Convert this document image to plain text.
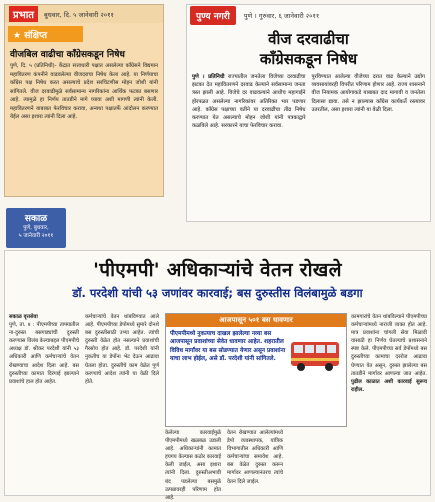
प्रभात	बुधवार, दि. ५ जानेवारी २०११
★ संक्षिप्त
वीजबिल वाढीचा काँग्रेसकडून निषेध
पुणे, दि. ५ (प्रतिनिधी)- केंद्रात सत्ताधारी पक्षात असलेल्या काँग्रेसने विद्यमान महावितरण कंपनीने वाढवलेल्या वीजदराचा निषेध केला आहे. या निर्णयाचा काँग्रेस पक्ष निषेध करत असल्याचे प्रदेश सरचिटणीस मोहन जोशी यांनी सांगितले. वीज दरवाढीमुळे सर्वसामान्य नागरिकांना आर्थिक फटका बसणार आहे. त्यामुळे हा निर्णय तातडीने मागे घ्यावा अशी मागणी त्यांनी केली. महावितरणने याबाबत फेरविचार करावा, अन्यथा पक्षातर्फे आंदोलन करण्यात येईल असा इशारा त्यांनी दिला आहे.
पुण्य नगरी	पुणे । गुरुवार, ६ जानेवारी २०११
वीज दरवाढीचा
काँग्रेसकडून निषेध
पुणे । प्रतिनिधी राज्यातील जनतेला विजेच्या दरवाढीचा झटका देत महावितरणने दरवाढ केल्याने सर्वसामान्य जनता त्रस्त झाली आहे. विजेचे दर वाढवल्याने आधीच महागाईने होरपळत असलेल्या नागरिकांवर अतिरिक्त भार पडणार आहे. काँग्रेस पक्षाच्या वतीने या दरवाढीचा तीव्र निषेध करण्यात येत असल्याचे मोहन जोशी यांनी पत्रकाद्वारे कळविले आहे. सरकारने याचा फेरविचार करावा.
पुरविण्यात आलेल्या वीजेच्या दरात वाढ केल्याने उद्योग व्यवसायांवरही विपरीत परिणाम होणार आहे. राज्य शासनाने वीज नियामक आयोगाकडे याबाबत दाद मागावी व जनतेला दिलासा द्यावा. तसे न झाल्यास काँग्रेस कार्यकर्ते रस्त्यावर उतरतील, असा इशारा त्यांनी या वेळी दिला.
सकाळ
पुणे, बुधवार,
५ जानेवारी २०११
'पीएमपी' अधिकाऱ्यांचे वेतन रोखले
डॉ. परदेशी यांची ५३ जणांवर कारवाई; बस दुरुस्तीस विलंबामुळे बडगा
सकाळ वृत्तसेवा
पुणे, ता. ४ : पीएमपीच्या ताफ्यातील ना-दुरुस्त बसगाड्यांची दुरुस्ती करण्यास विलंब केल्याबद्दल पीएमपीचे अध्यक्ष डॉ. श्रीकर परदेशी यांनी ५३ अधिकारी आणि कर्मचाऱ्यांचे वेतन रोखण्याचा आदेश दिला आहे. बस दुरुस्तीच्या कामात दिरंगाई झाल्याने प्रवाशांचे हाल होत आहेत.
कर्मचाऱ्यांचे वेतन थांबविण्यात आले आहे. पीएमपीच्या डेपोमध्ये सुमारे दोनशे बस दुरुस्तीसाठी उभ्या आहेत. त्यांची दुरुस्ती वेळेत होत नसल्याने प्रवाशांची गैरसोय होत आहे. डॉ. परदेशी यांनी नुकतीच या डेपोंना भेट देऊन आढावा घेतला होता. दुरुस्तीचे काम वेळेत पूर्ण करण्याचे आदेश त्यांनी या वेळी दिले होते.
आजपासून ५०१ बस धावणार
पीएमपीमध्ये नुकत्याच दाखल झालेल्या नव्या बस आजपासून प्रवाशांच्या सेवेत धावणार आहेत. शहरातील विविध मार्गांवर या बस सोडण्यात येणार असून प्रवाशांना याचा लाभ होईल, असे डॉ. परदेशी यांनी सांगितले.
केलेल्या कारवाईमुळे पीएमपीमध्ये खळबळ उडाली आहे. अधिकाऱ्यांनी कामात हयगय केल्यास कठोर कारवाई केली जाईल, असा इशारा त्यांनी दिला. दुरुस्तीअभावी बंद पडलेल्या बसमुळे उत्पन्नावरही परिणाम होत आहे.
वेतन रोखण्यात आलेल्यांमध्ये डेपो व्यवस्थापक, यांत्रिक विभागातील अधिकारी आणि कर्मचाऱ्यांचा समावेश आहे. बस वेळेत दुरुस्त करून मार्गावर आणल्यानंतरच त्यांचे वेतन दिले जाईल.
कामगारांचे वेतन थांबविल्याने पीएमपीच्या कर्मचाऱ्यांमध्ये नाराजी व्यक्त होत आहे. मात्र प्रवाशांना चांगली सेवा मिळावी यासाठी हा निर्णय घेतल्याचे प्रशासनाने स्पष्ट केले. पीएमपीच्या सर्व डेपोंमध्ये बस दुरुस्तीच्या कामाचा दररोज आढावा घेण्यात येत असून, दुरुस्त झालेल्या बस तातडीने मार्गावर आणल्या जात आहेत. पुढील काळात अशी कारवाई सुरूच राहील.
